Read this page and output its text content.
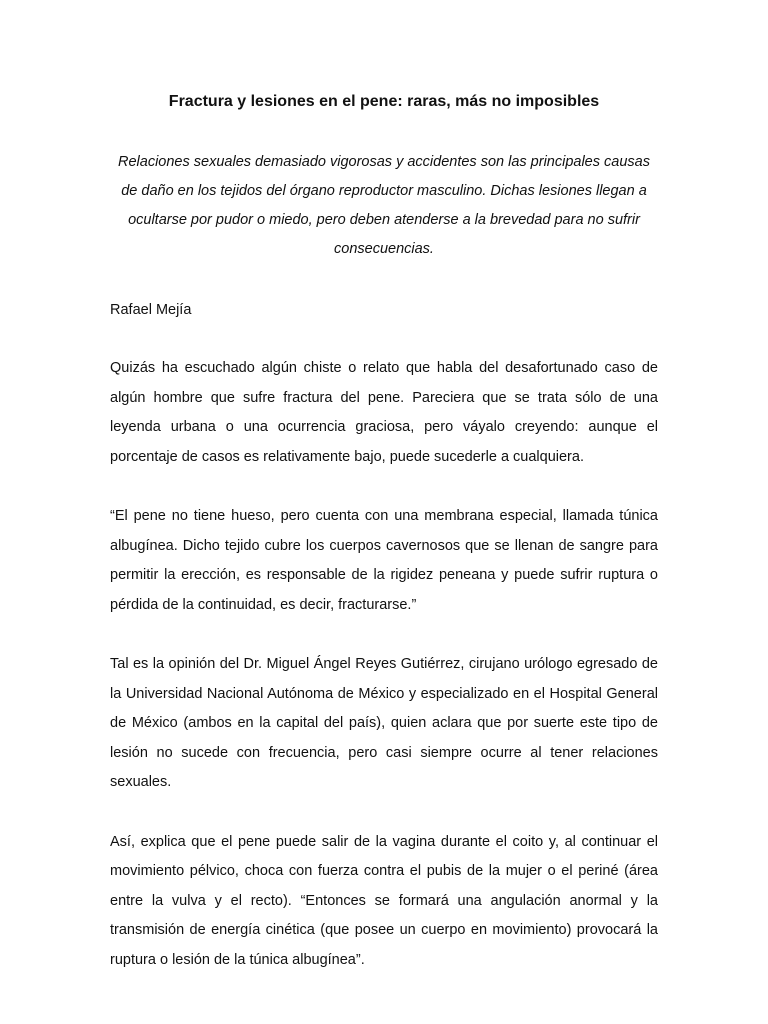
Fractura y lesiones en el pene: raras, más no imposibles

Relaciones sexuales demasiado vigorosas y accidentes son las principales causas de daño en los tejidos del órgano reproductor masculino. Dichas lesiones llegan a ocultarse por pudor o miedo, pero deben atenderse a la brevedad para no sufrir consecuencias.

Rafael Mejía

Quizás ha escuchado algún chiste o relato que habla del desafortunado caso de algún hombre que sufre fractura del pene. Pareciera que se trata sólo de una leyenda urbana o una ocurrencia graciosa, pero váyalo creyendo: aunque el porcentaje de casos es relativamente bajo, puede sucederle a cualquiera.

“El pene no tiene hueso, pero cuenta con una membrana especial, llamada túnica albugínea. Dicho tejido cubre los cuerpos cavernosos que se llenan de sangre para permitir la erección, es responsable de la rigidez peneana y puede sufrir ruptura o pérdida de la continuidad, es decir, fracturarse.”

Tal es la opinión del Dr. Miguel Ángel Reyes Gutiérrez, cirujano urólogo egresado de la Universidad Nacional Autónoma de México y especializado en el Hospital General de México (ambos en la capital del país), quien aclara que por suerte este tipo de lesión no sucede con frecuencia, pero casi siempre ocurre al tener relaciones sexuales.

Así, explica que el pene puede salir de la vagina durante el coito y, al continuar el movimiento pélvico, choca con fuerza contra el pubis de la mujer o el periné (área entre la vulva y el recto). “Entonces se formará una angulación anormal y la transmisión de energía cinética (que posee un cuerpo en movimiento) provocará la ruptura o lesión de la túnica albugínea”.
